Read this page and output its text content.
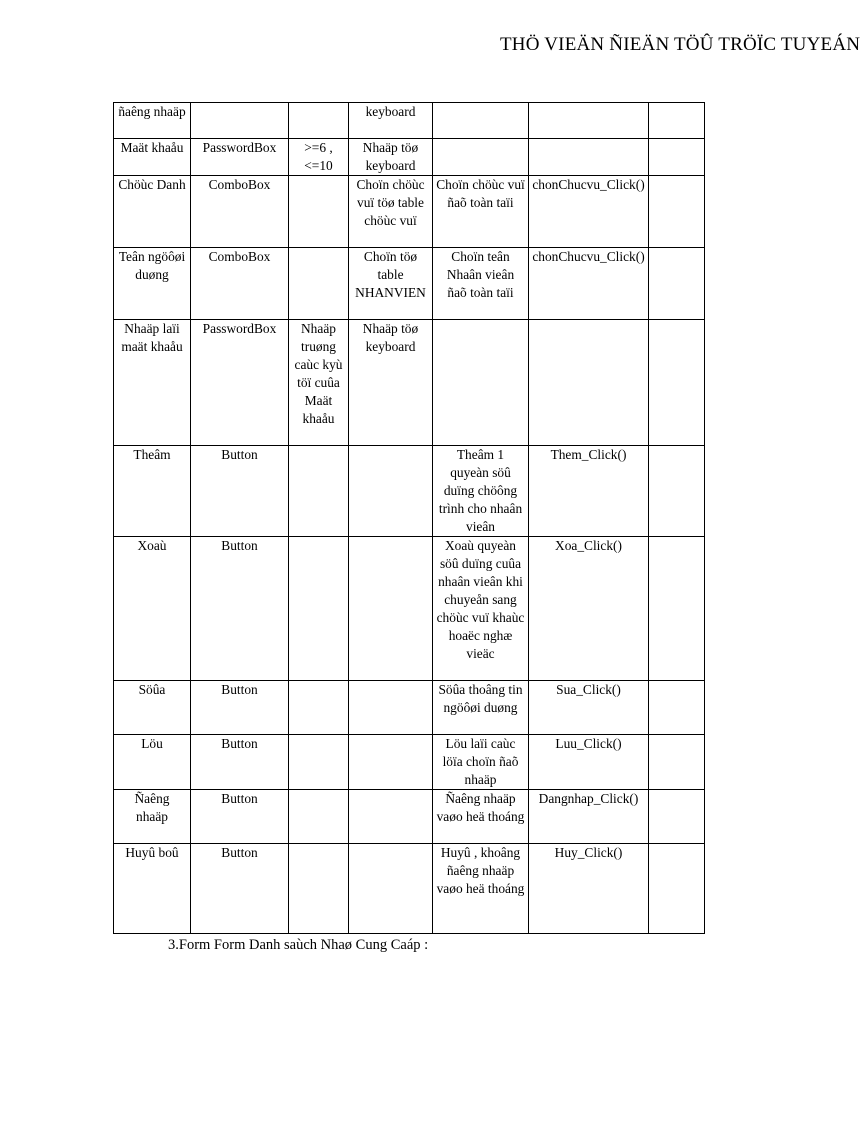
THÖ VIEÄN ÑIEÄN TÖÛ TRÖÏC TUYEÁN
ñaêng nhaäp			keyboard			
Maät khaåu	PasswordBox	>=6 , <=10	Nhaäp töø keyboard			
Chöùc Danh	ComboBox		Choïn chöùc vuï töø table chöùc vuï	Choïn chöùc vuï ñaõ toàn taïi	chonChucvu_Click()	
Teân ngöôøi duøng	ComboBox		Choïn töø table NHANVIEN	Choïn teân Nhaân vieân ñaõ toàn taïi	chonChucvu_Click()	
Nhaäp laïi maät khaåu	PasswordBox	Nhaäp truøng caùc kyù töï cuûa Maät khaåu	Nhaäp töø keyboard			
Theâm	Button			Theâm 1 quyeàn söû duïng chöông trình cho nhaân vieân	Them_Click()	
Xoaù	Button			Xoaù quyeàn söû duïng cuûa nhaân vieân khi chuyeån sang chöùc vuï khaùc hoaëc nghæ vieäc	Xoa_Click()	
Söûa	Button			Söûa thoâng tin ngöôøi duøng	Sua_Click()	
Löu	Button			Löu laïi caùc löïa choïn ñaõ nhaäp	Luu_Click()	
Ñaêng nhaäp	Button			Ñaêng nhaäp vaøo heä thoáng	Dangnhap_Click()	
Huyû boû	Button			Huyû , khoâng ñaêng nhaäp vaøo heä thoáng	Huy_Click()	
3.Form Form Danh saùch Nhaø Cung Caáp :
